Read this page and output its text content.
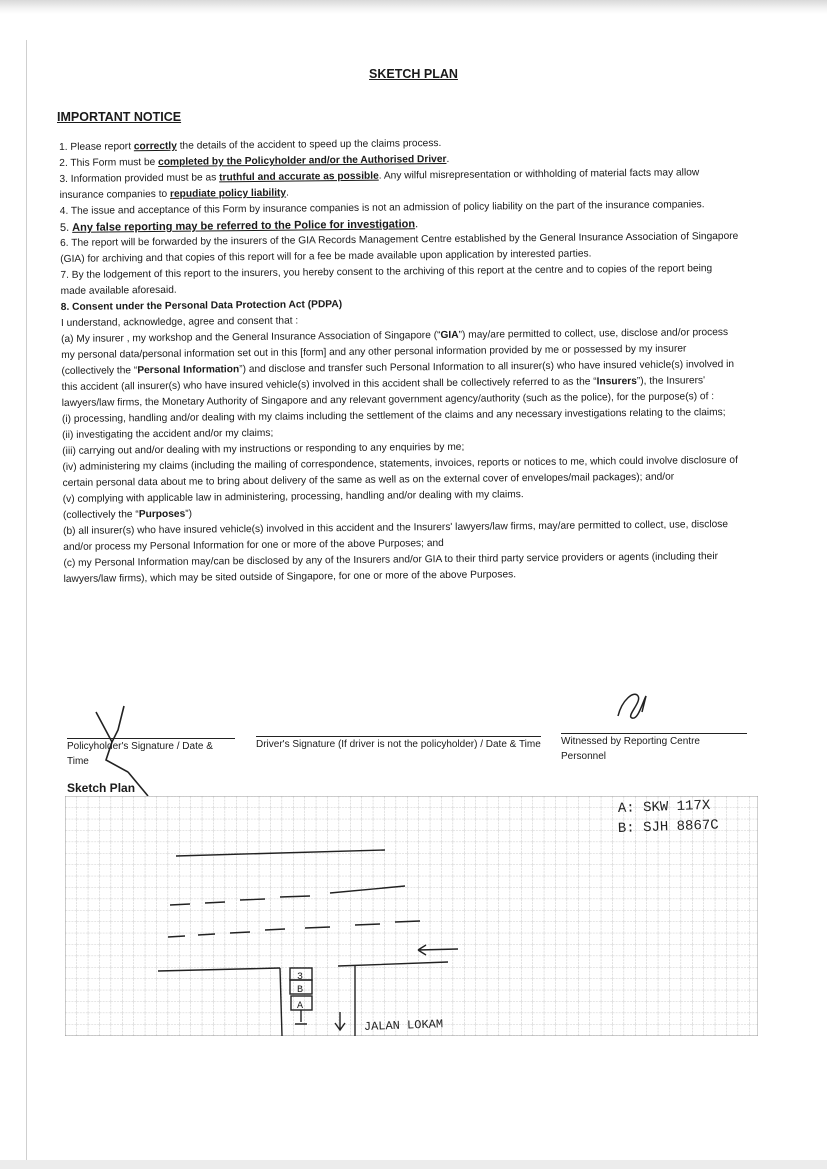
SKETCH PLAN
IMPORTANT NOTICE

1. Please report correctly the details of the accident to speed up the claims process.

2. This Form must be completed by the Policyholder and/or the Authorised Driver.

3. Information provided must be as truthful and accurate as possible. Any wilful misrepresentation or withholding of material facts may allow insurance companies to repudiate policy liability.

4. The issue and acceptance of this Form by insurance companies is not an admission of policy liability on the part of the insurance companies.

5. Any false reporting may be referred to the Police for investigation.

6. The report will be forwarded by the insurers of the GIA Records Management Centre established by the General Insurance Association of Singapore (GIA) for archiving and that copies of this report will for a fee be made available upon application by interested parties.

7. By the lodgement of this report to the insurers, you hereby consent to the archiving of this report at the centre and to copies of the report being made available aforesaid.

8. Consent under the Personal Data Protection Act (PDPA)

I understand, acknowledge, agree and consent that :

(a) My insurer , my workshop and the General Insurance Association of Singapore (“GIA”) may/are permitted to collect, use, disclose and/or process my personal data/personal information set out in this [form] and any other personal information provided by me or possessed by my insurer (collectively the “Personal Information”) and disclose and transfer such Personal Information to all insurer(s) who have insured vehicle(s) involved in this accident (all insurer(s) who have insured vehicle(s) involved in this accident shall be collectively referred to as the “Insurers”), the Insurers' lawyers/law firms, the Monetary Authority of Singapore and any relevant government agency/authority (such as the police), for the purpose(s) of :

(i) processing, handling and/or dealing with my claims including the settlement of the claims and any necessary investigations relating to the claims;

(ii) investigating the accident and/or my claims;

(iii) carrying out and/or dealing with my instructions or responding to any enquiries by me;

(iv) administering my claims (including the mailing of correspondence, statements, invoices, reports or notices to me, which could involve disclosure of certain personal data about me to bring about delivery of the same as well as on the external cover of envelopes/mail packages); and/or

(v) complying with applicable law in administering, processing, handling and/or dealing with my claims.

(collectively the “Purposes”)

(b) all insurer(s) who have insured vehicle(s) involved in this accident and the Insurers' lawyers/law firms, may/are permitted to collect, use, disclose and/or process my Personal Information for one or more of the above Purposes; and

(c) my Personal Information may/can be disclosed by any of the Insurers and/or GIA to their third party service providers or agents (including their lawyers/law firms), which may be sited outside of Singapore, for one or more of the above Purposes.

Policyholder's Signature / Date & Time
Driver's Signature (If driver is not the policyholder) / Date & Time Witnessed by Reporting Centre Personnel
Sketch Plan
A: SKW 117X
B: SJH 8867C
JALAN LOKAM
3
B
A
